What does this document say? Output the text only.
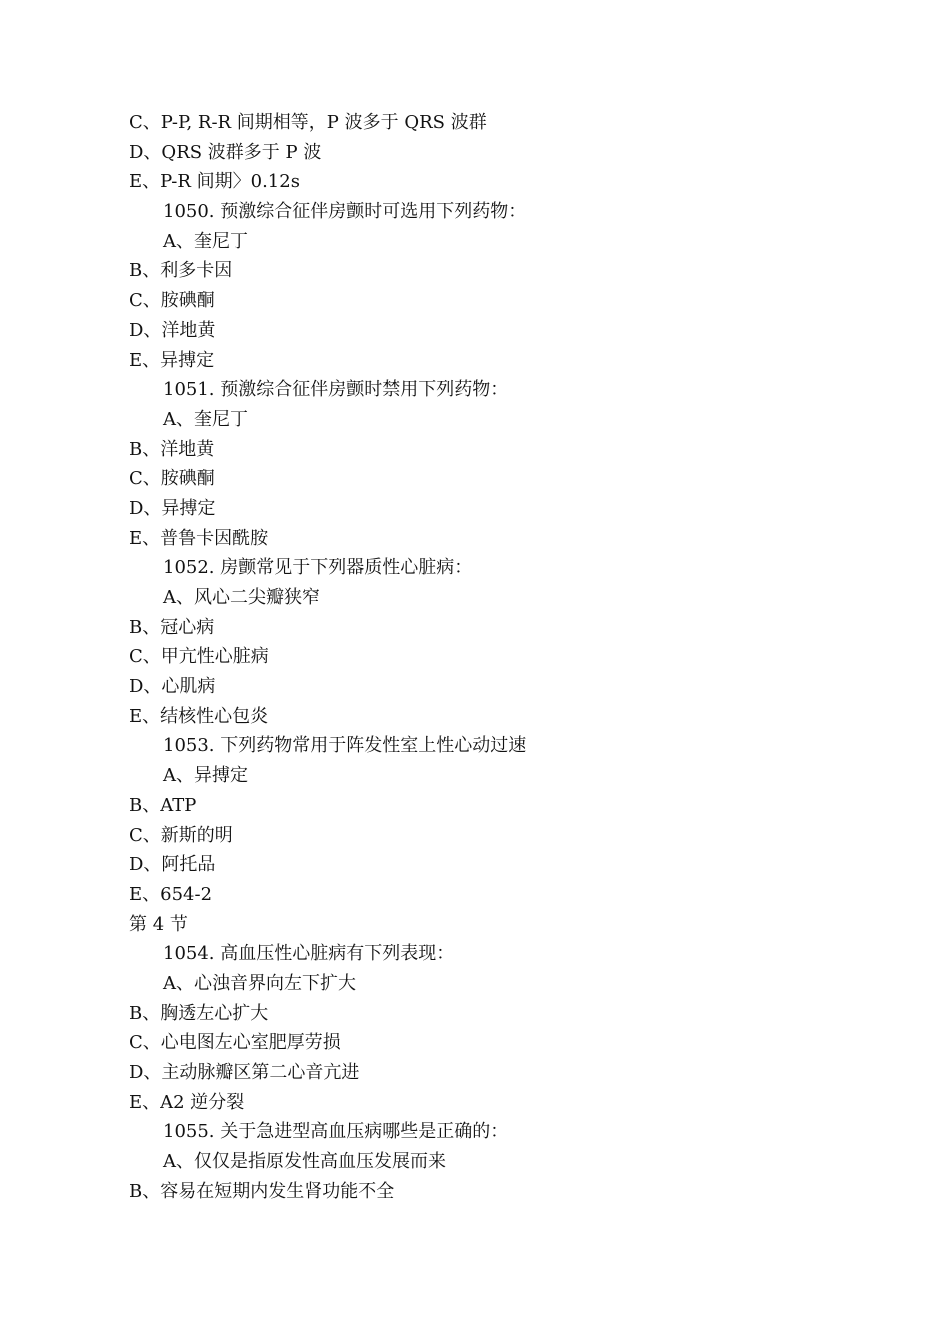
C、P-P, R-R 间期相等，P 波多于 QRS 波群
D、QRS 波群多于 P 波
E、P-R 间期〉0.12s
1050. 预激综合征伴房颤时可选用下列药物：
A、奎尼丁
B、利多卡因
C、胺碘酮
D、洋地黄
E、异搏定
1051. 预激综合征伴房颤时禁用下列药物：
A、奎尼丁
B、洋地黄
C、胺碘酮
D、异搏定
E、普鲁卡因酰胺
1052. 房颤常见于下列器质性心脏病：
A、风心二尖瓣狭窄
B、冠心病
C、甲亢性心脏病
D、心肌病
E、结核性心包炎
1053. 下列药物常用于阵发性室上性心动过速
A、异搏定
B、ATP
C、新斯的明
D、阿托品
E、654-2
第 4 节
1054. 高血压性心脏病有下列表现：
A、心浊音界向左下扩大
B、胸透左心扩大
C、心电图左心室肥厚劳损
D、主动脉瓣区第二心音亢进
E、A2 逆分裂
1055. 关于急进型高血压病哪些是正确的：
A、仅仅是指原发性高血压发展而来
B、容易在短期内发生肾功能不全
